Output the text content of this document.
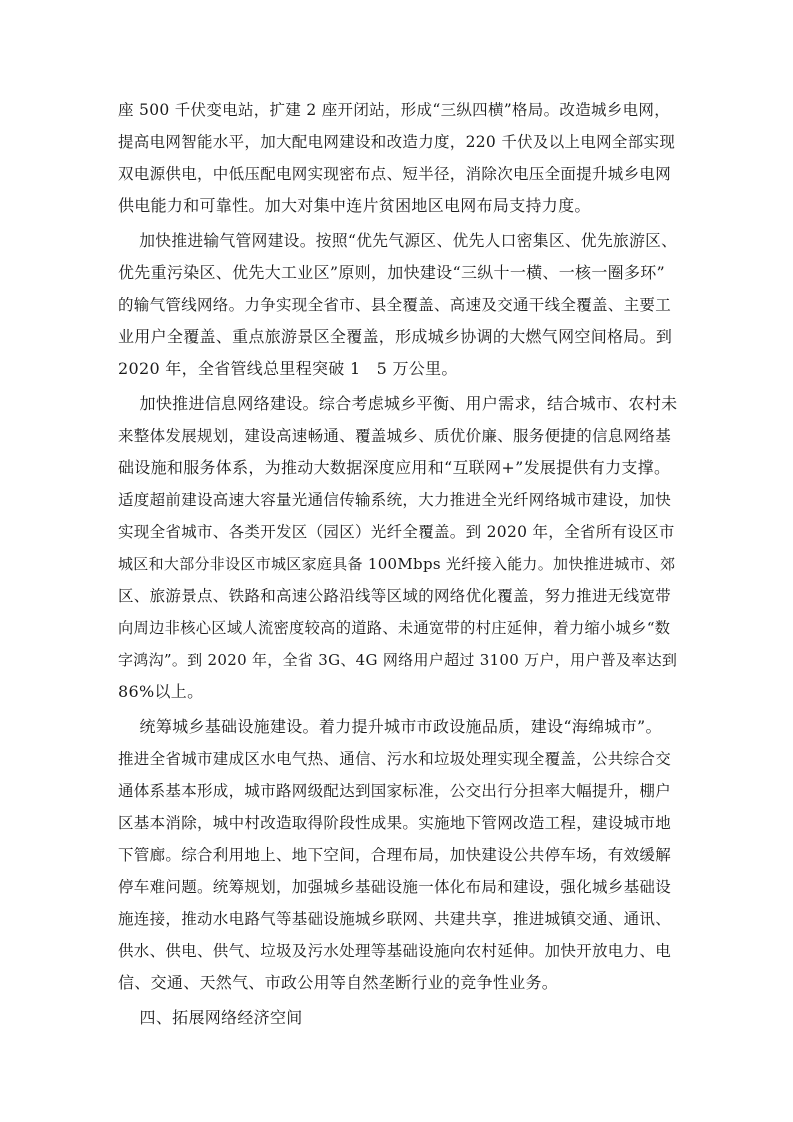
座 500 千伏变电站，扩建 2 座开闭站，形成“三纵四横”格局。改造城乡电网，
提高电网智能水平，加大配电网建设和改造力度，220 千伏及以上电网全部实现
双电源供电，中低压配电网实现密布点、短半径，消除次电压全面提升城乡电网
供电能力和可靠性。加大对集中连片贫困地区电网布局支持力度。
加快推进输气管网建设。按照“优先气源区、优先人口密集区、优先旅游区、
优先重污染区、优先大工业区”原则，加快建设“三纵十一横、一核一圈多环”
的输气管线网络。力争实现全省市、县全覆盖、高速及交通干线全覆盖、主要工
业用户全覆盖、重点旅游景区全覆盖，形成城乡协调的大燃气网空间格局。到
2020 年，全省管线总里程突破 1   5 万公里。
加快推进信息网络建设。综合考虑城乡平衡、用户需求，结合城市、农村未
来整体发展规划，建设高速畅通、覆盖城乡、质优价廉、服务便捷的信息网络基
础设施和服务体系，为推动大数据深度应用和“互联网+”发展提供有力支撑。
适度超前建设高速大容量光通信传输系统，大力推进全光纤网络城市建设，加快
实现全省城市、各类开发区（园区）光纤全覆盖。到 2020 年，全省所有设区市
城区和大部分非设区市城区家庭具备 100Mbps 光纤接入能力。加快推进城市、郊
区、旅游景点、铁路和高速公路沿线等区域的网络优化覆盖，努力推进无线宽带
向周边非核心区域人流密度较高的道路、未通宽带的村庄延伸，着力缩小城乡“数
字鸿沟”。到 2020 年，全省 3G、4G 网络用户超过 3100 万户，用户普及率达到
86%以上。
统筹城乡基础设施建设。着力提升城市市政设施品质，建设“海绵城市”。
推进全省城市建成区水电气热、通信、污水和垃圾处理实现全覆盖，公共综合交
通体系基本形成，城市路网级配达到国家标准，公交出行分担率大幅提升，棚户
区基本消除，城中村改造取得阶段性成果。实施地下管网改造工程，建设城市地
下管廊。综合利用地上、地下空间，合理布局，加快建设公共停车场，有效缓解
停车难问题。统筹规划，加强城乡基础设施一体化布局和建设，强化城乡基础设
施连接，推动水电路气等基础设施城乡联网、共建共享，推进城镇交通、通讯、
供水、供电、供气、垃圾及污水处理等基础设施向农村延伸。加快开放电力、电
信、交通、天然气、市政公用等自然垄断行业的竞争性业务。
四、拓展网络经济空间
